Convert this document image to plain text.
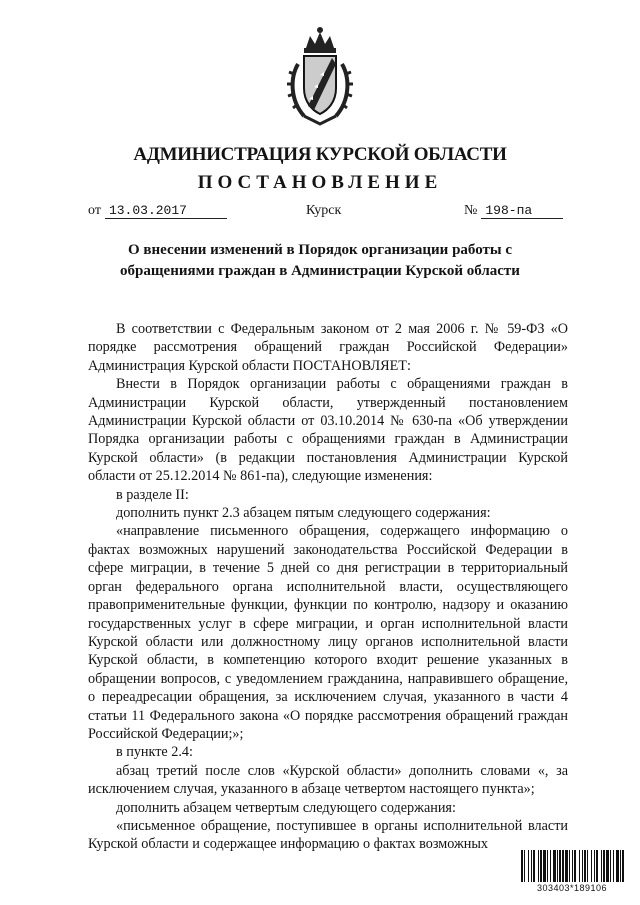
АДМИНИСТРАЦИЯ КУРСКОЙ ОБЛАСТИ
ПОСТАНОВЛЕНИЕ
от 13.03.2017	Курск	№ 198-па
О внесении изменений в Порядок организации работы с
обращениями граждан в Администрации Курской области

В соответствии с Федеральным законом от 2 мая 2006 г. № 59-ФЗ «О порядке рассмотрения обращений граждан Российской Федерации» Администрация Курской области ПОСТАНОВЛЯЕТ:

Внести в Порядок организации работы с обращениями граждан в Администрации Курской области, утвержденный постановлением Администрации Курской области от 03.10.2014 № 630-па «Об утверждении Порядка организации работы с обращениями граждан в Администрации Курской области» (в редакции постановления Администрации Курской области от 25.12.2014 № 861-па), следующие изменения:

в разделе II:

дополнить пункт 2.3 абзацем пятым следующего содержания:

«направление письменного обращения, содержащего информацию о фактах возможных нарушений законодательства Российской Федерации в сфере миграции, в течение 5 дней со дня регистрации в территориальный орган федерального органа исполнительной власти, осуществляющего правоприменительные функции, функции по контролю, надзору и оказанию государственных услуг в сфере миграции, и орган исполнительной власти Курской области или должностному лицу органов исполнительной власти Курской области, в компетенцию которого входит решение указанных в обращении вопросов, с уведомлением гражданина, направившего обращение, о переадресации обращения, за исключением случая, указанного в части 4 статьи 11 Федерального закона «О порядке рассмотрения обращений граждан Российской Федерации;»;

в пункте 2.4:

абзац третий после слов «Курской области» дополнить словами «, за исключением случая, указанного в абзаце четвертом настоящего пункта»;

дополнить абзацем четвертым следующего содержания:

«письменное обращение, поступившее в органы исполнительной власти Курской области и содержащее информацию о фактах возможных

303403*189106
